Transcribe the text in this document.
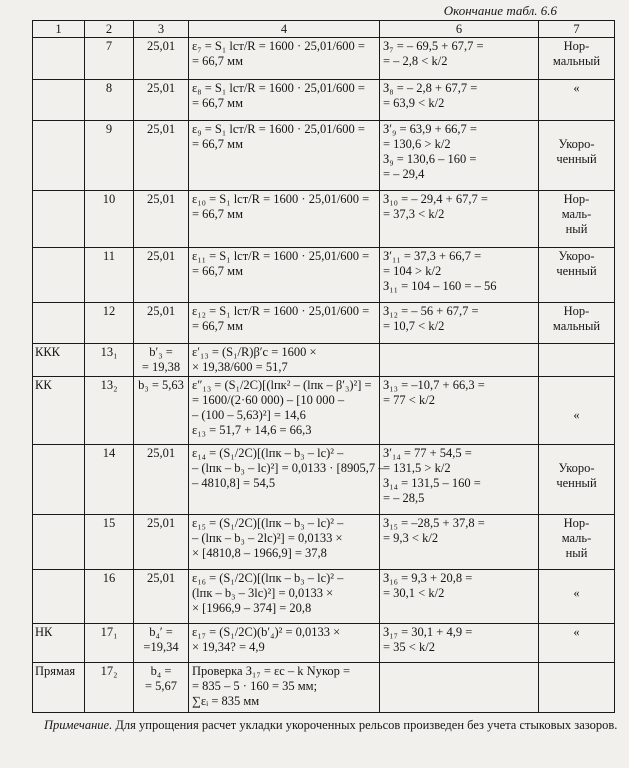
Окончание табл. 6.6
1	2	3	4	6	7
	7	25,01	ε₇ = S₁ lст/R = 1600 · 25,01/600 =
= 66,7 мм	З₇ = – 69,5 + 67,7 =
= – 2,8 < k/2	Нор-
мальный

	8	25,01	ε₈ = S₁ lст/R = 1600 · 25,01/600 =
= 66,7 мм	З₈ = – 2,8 + 67,7 =
= 63,9 < k/2	«

	9	25,01	ε₉ = S₁ lст/R = 1600 · 25,01/600 =
= 66,7 мм	З′₉ = 63,9 + 66,7 =
= 130,6 > k/2
З₉ = 130,6 – 160 =
= – 29,4	Укоро-
ченный

	10	25,01	ε₁₀ = S₁ lст/R = 1600 · 25,01/600 =
= 66,7 мм	З₁₀ = – 29,4 + 67,7 =
= 37,3 < k/2	Нор-
маль-
ный

	11	25,01	ε₁₁ = S₁ lст/R = 1600 · 25,01/600 =
= 66,7 мм	З′₁₁ = 37,3 + 66,7 =
= 104 > k/2
З₁₁ = 104 – 160 = – 56	Укоро-
ченный

	12	25,01	ε₁₂ = S₁ lст/R = 1600 · 25,01/600 =
= 66,7 мм	З₁₂ = – 56 + 67,7 =
= 10,7 < k/2	Нор-
мальный

ККК	13₁	b′₃ =
= 19,38	ε′₁₃ = (S₁/R)β′c = 1600 ×
× 19,38/600 = 51,7		

КК	13₂	b₃ = 5,63	ε″₁₃ = (S₁/2C)[(lпк² – (lпк – β′₃)²] =
= 1600/(2·60 000) – [10 000 –
– (100 – 5,63)²] = 14,6
ε₁₃ = 51,7 + 14,6 = 66,3	З₁₃ = –10,7 + 66,3 =
= 77 < k/2	«

	14	25,01	ε₁₄ = (S₁/2C)[(lпк – b₃ – lc)² –
– (lпк – b₃ – lc)²] = 0,0133 · [8905,7 –
– 4810,8] = 54,5	З′₁₄ = 77 + 54,5 =
= 131,5 > k/2
З₁₄ = 131,5 – 160 =
= – 28,5	Укоро-
ченный

	15	25,01	ε₁₅ = (S₁/2C)[(lпк – b₃ – lc)² –
– (lпк – b₃ – 2lc)²] = 0,0133 ×
× [4810,8 – 1966,9] = 37,8	З₁₅ = –28,5 + 37,8 =
= 9,3 < k/2	Нор-
маль-
ный

	16	25,01	ε₁₆ = (S₁/2C)[(lпк – b₃ – lc)² –
(lпк – b₃ – 3lc)²] = 0,0133 ×
× [1966,9 – 374] = 20,8	З₁₆ = 9,3 + 20,8 =
= 30,1 < k/2	«

НК	17₁	b₄′ =
=19,34	ε₁₇ = (S₁/2C)(b′₄)² = 0,0133 ×
× 19,34? = 4,9	З₁₇ = 30,1 + 4,9 =
= 35 < k/2	«

Прямая	17₂	b₄ =
= 5,67	Проверка З₁₇ = εc – k Nукор =
= 835 – 5 · 160 = 35 мм;
∑εᵢ = 835 мм		

Примечание. Для упрощения расчет укладки укороченных рельсов произведен без учета стыковых зазоров.
